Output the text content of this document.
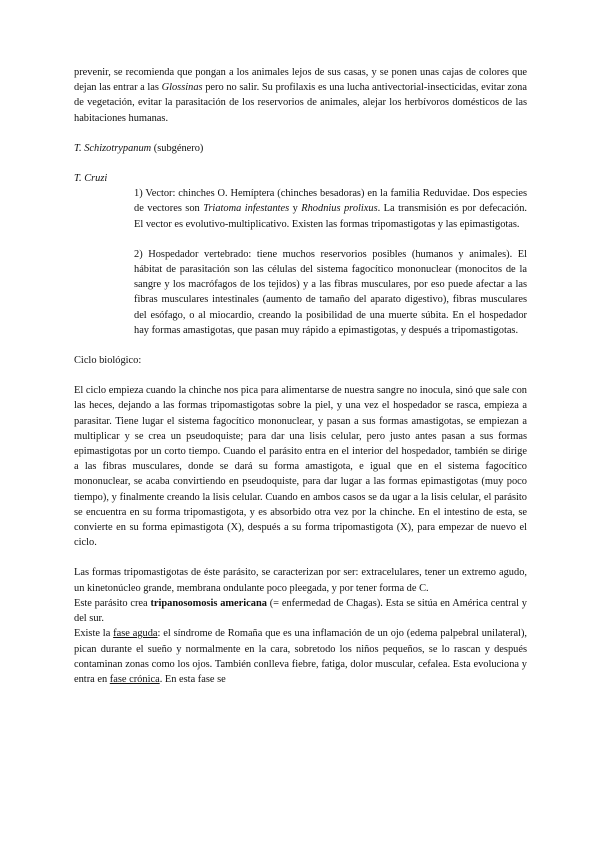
prevenir, se recomienda que pongan a los animales lejos de sus casas, y se ponen unas cajas de colores que dejan las entrar a las Glossinas pero no salir. Su profilaxis es una lucha antivectorial-insecticidas, evitar zona de vegetación, evitar la parasitación de los reservorios de animales, alejar los herbívoros domésticos de las habitaciones humanas.

T. Schizotrypanum (subgénero)

T. Cruzi

1) Vector: chinches O. Hemíptera (chinches besadoras) en la familia Reduvidae. Dos especies de vectores son Triatoma infestantes y Rhodnius prolixus. La transmisión es por defecación. El vector es evolutivo-multiplicativo. Existen las formas tripomastigotas y las epimastigotas.

2) Hospedador vertebrado: tiene muchos reservorios posibles (humanos y animales). El hábitat de parasitación son las células del sistema fagocítico mononuclear (monocitos de la sangre y los macrófagos de los tejidos) y a las fibras musculares, por eso puede afectar a las fibras musculares intestinales (aumento de tamaño del aparato digestivo), fibras musculares del esófago, o al miocardio, creando la posibilidad de una muerte súbita. En el hospedador hay formas amastigotas, que pasan muy rápido a epimastigotas, y después a tripomastigotas.

Ciclo biológico:

El ciclo empieza cuando la chinche nos pica para alimentarse de nuestra sangre no inocula, sinó que sale con las heces, dejando a las formas tripomastigotas sobre la piel, y una vez el hospedador se rasca, empieza a parasitar. Tiene lugar el sistema fagocítico mononuclear, y pasan a sus formas amastigotas, se empiezan a multiplicar y se crea un pseudoquiste; para dar una lisis celular, pero justo antes pasan a sus formas epimastigotas por un corto tiempo. Cuando el parásito entra en el interior del hospedador, también se dirige a las fibras musculares, donde se dará su forma amastigota, e igual que en el sistema fagocítico mononuclear, se acaba convirtiendo en pseudoquiste, para dar lugar a las formas epimastigotas (muy poco tiempo), y finalmente creando la lisis celular. Cuando en ambos casos se da ugar a la lisis celular, el parásito se encuentra en su forma tripomastigota, y es absorbido otra vez por la chinche. En el intestino de esta, se convierte en su forma epimastigota (X), después a su forma tripomastigota (X), para empezar de nuevo el ciclo.

Las formas tripomastigotas de éste parásito, se caracterizan por ser: extracelulares, tener un extremo agudo, un kinetonúcleo grande, membrana ondulante poco pleegada, y por tener forma de C.

Este parásito crea tripanosomosis americana (= enfermedad de Chagas). Esta se sitúa en América central y del sur.

Existe la fase aguda: el síndrome de Romaña que es una inflamación de un ojo (edema palpebral unilateral), pican durante el sueño y normalmente en la cara, sobretodo los niños pequeños, se lo rascan y después contaminan zonas como los ojos. También conlleva fiebre, fatiga, dolor muscular, cefalea. Esta evoluciona y entra en fase crónica. En esta fase se
